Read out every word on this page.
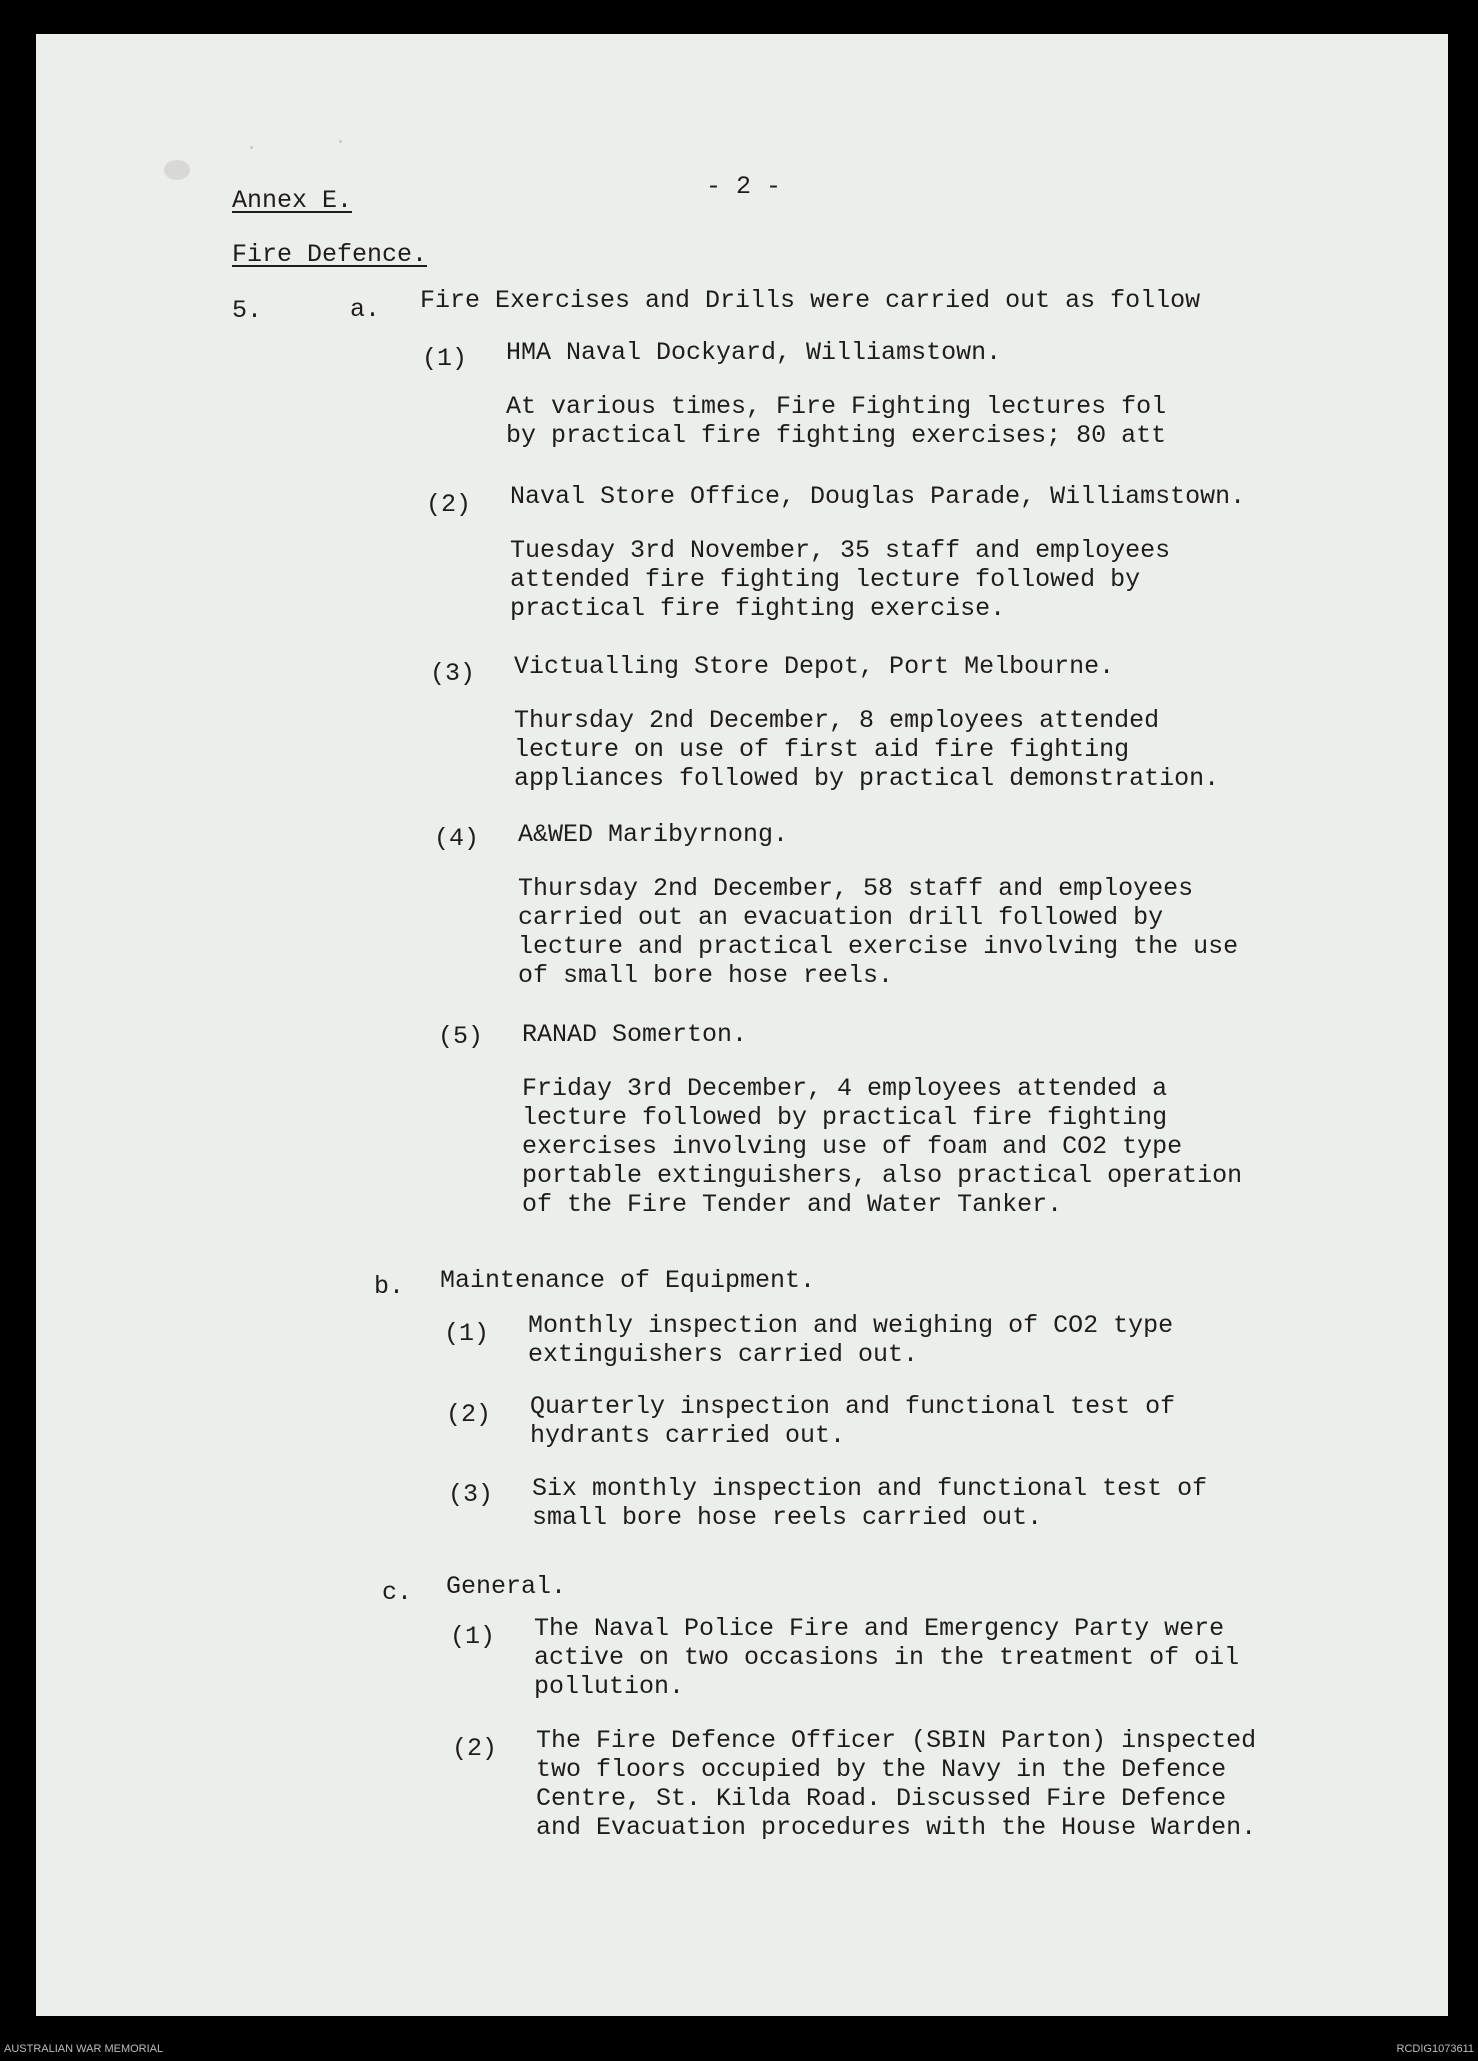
Annex E.	- 2 -
Fire Defence.
5.	a. Fire Exercises and Drills were carried out as follow
(1) HMA Naval Dockyard, Williamstown.
At various times, Fire Fighting lectures fol
by practical fire fighting exercises; 80 att
(2) Naval Store Office, Douglas Parade, Williamstown.
Tuesday 3rd November, 35 staff and employees
attended fire fighting lecture followed by
practical fire fighting exercise.
(3) Victualling Store Depot, Port Melbourne.
Thursday 2nd December, 8 employees attended
lecture on use of first aid fire fighting
appliances followed by practical demonstration.
(4) A&WED Maribyrnong.
Thursday 2nd December, 58 staff and employees
carried out an evacuation drill followed by
lecture and practical exercise involving the use
of small bore hose reels.
(5) RANAD Somerton.
Friday 3rd December, 4 employees attended a
lecture followed by practical fire fighting
exercises involving use of foam and CO2 type
portable extinguishers, also practical operation
of the Fire Tender and Water Tanker.
b. Maintenance of Equipment.
(1) Monthly inspection and weighing of CO2 type
extinguishers carried out.
(2) Quarterly inspection and functional test of
hydrants carried out.
(3) Six monthly inspection and functional test of
small bore hose reels carried out.
c. General.
(1) The Naval Police Fire and Emergency Party were
active on two occasions in the treatment of oil
pollution.
(2) The Fire Defence Officer (SBIN Parton) inspected
two floors occupied by the Navy in the Defence
Centre, St. Kilda Road. Discussed Fire Defence
and Evacuation procedures with the House Warden.
AUSTRALIAN WAR MEMORIAL	RCDIG1073611
